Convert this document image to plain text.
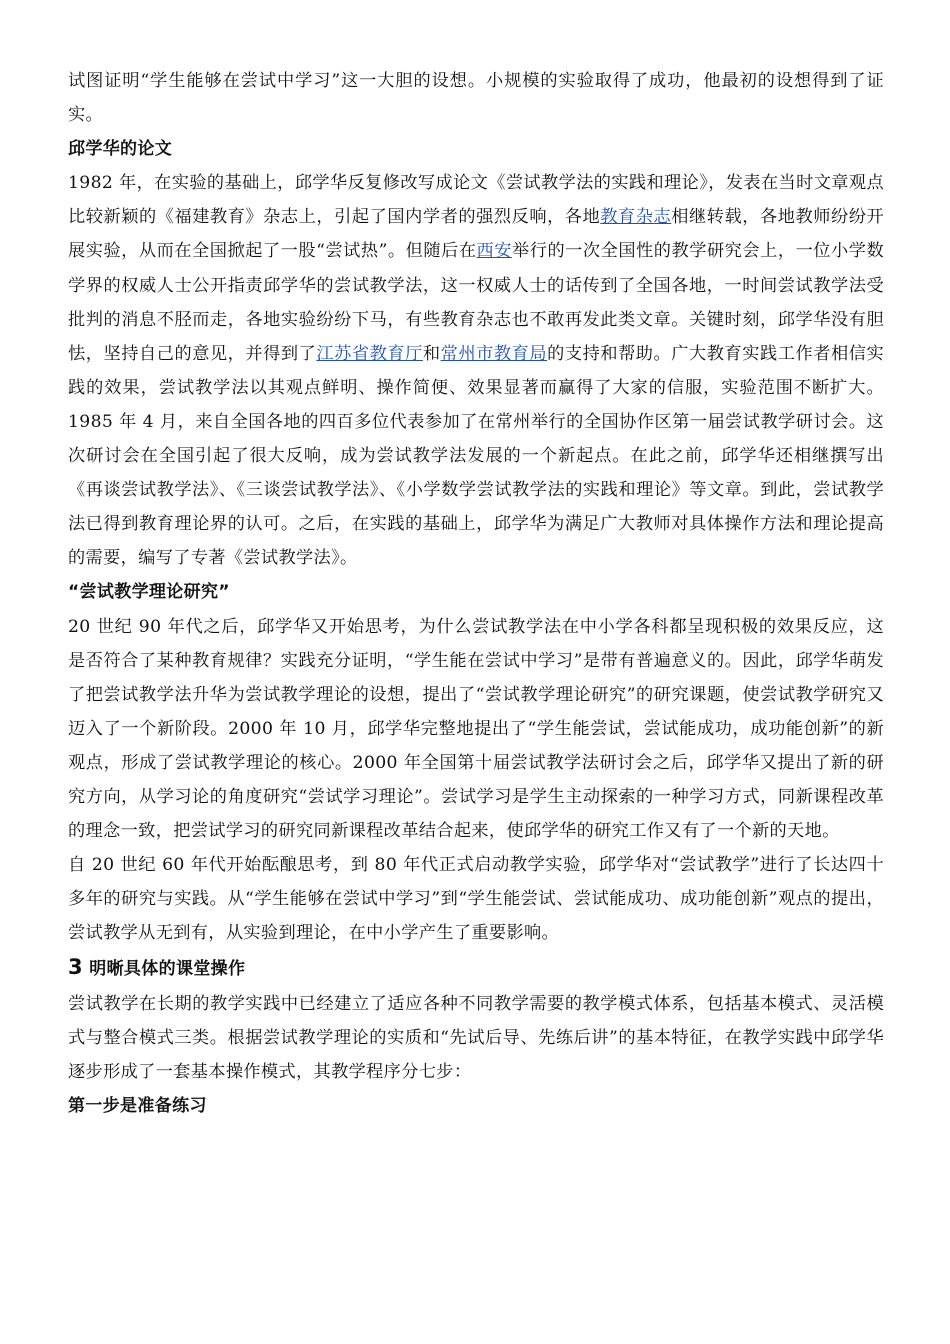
试图证明“学生能够在尝试中学习”这一大胆的设想。小规模的实验取得了成功，他最初的设想得到了证实。

邱学华的论文

1982 年，在实验的基础上，邱学华反复修改写成论文《尝试教学法的实践和理论》，发表在当时文章观点比较新颖的《福建教育》杂志上，引起了国内学者的强烈反响，各地教育杂志相继转载，各地教师纷纷开展实验，从而在全国掀起了一股“尝试热”。但随后在西安举行的一次全国性的教学研究会上，一位小学数学界的权威人士公开指责邱学华的尝试教学法，这一权威人士的话传到了全国各地，一时间尝试教学法受批判的消息不胫而走，各地实验纷纷下马，有些教育杂志也不敢再发此类文章。关键时刻，邱学华没有胆怯，坚持自己的意见，并得到了江苏省教育厅和常州市教育局的支持和帮助。广大教育实践工作者相信实践的效果，尝试教学法以其观点鲜明、操作简便、效果显著而赢得了大家的信服，实验范围不断扩大。1985 年 4 月，来自全国各地的四百多位代表参加了在常州举行的全国协作区第一届尝试教学研讨会。这次研讨会在全国引起了很大反响，成为尝试教学法发展的一个新起点。在此之前，邱学华还相继撰写出《再谈尝试教学法》、《三谈尝试教学法》、《小学数学尝试教学法的实践和理论》等文章。到此，尝试教学法已得到教育理论界的认可。之后，在实践的基础上，邱学华为满足广大教师对具体操作方法和理论提高的需要，编写了专著《尝试教学法》。

“尝试教学理论研究”

20 世纪 90 年代之后，邱学华又开始思考，为什么尝试教学法在中小学各科都呈现积极的效果反应，这是否符合了某种教育规律？实践充分证明，“学生能在尝试中学习”是带有普遍意义的。因此，邱学华萌发了把尝试教学法升华为尝试教学理论的设想，提出了“尝试教学理论研究”的研究课题，使尝试教学研究又迈入了一个新阶段。2000 年 10 月，邱学华完整地提出了“学生能尝试，尝试能成功，成功能创新”的新观点，形成了尝试教学理论的核心。2000 年全国第十届尝试教学法研讨会之后，邱学华又提出了新的研究方向，从学习论的角度研究“尝试学习理论”。尝试学习是学生主动探索的一种学习方式，同新课程改革的理念一致，把尝试学习的研究同新课程改革结合起来，使邱学华的研究工作又有了一个新的天地。

自 20 世纪 60 年代开始酝酿思考，到 80 年代正式启动教学实验，邱学华对“尝试教学”进行了长达四十多年的研究与实践。从“学生能够在尝试中学习”到“学生能尝试、尝试能成功、成功能创新”观点的提出，尝试教学从无到有，从实验到理论，在中小学产生了重要影响。

3 明晰具体的课堂操作

尝试教学在长期的教学实践中已经建立了适应各种不同教学需要的教学模式体系，包括基本模式、灵活模式与整合模式三类。根据尝试教学理论的实质和“先试后导、先练后讲”的基本特征，在教学实践中邱学华逐步形成了一套基本操作模式，其教学程序分七步：

第一步是准备练习
